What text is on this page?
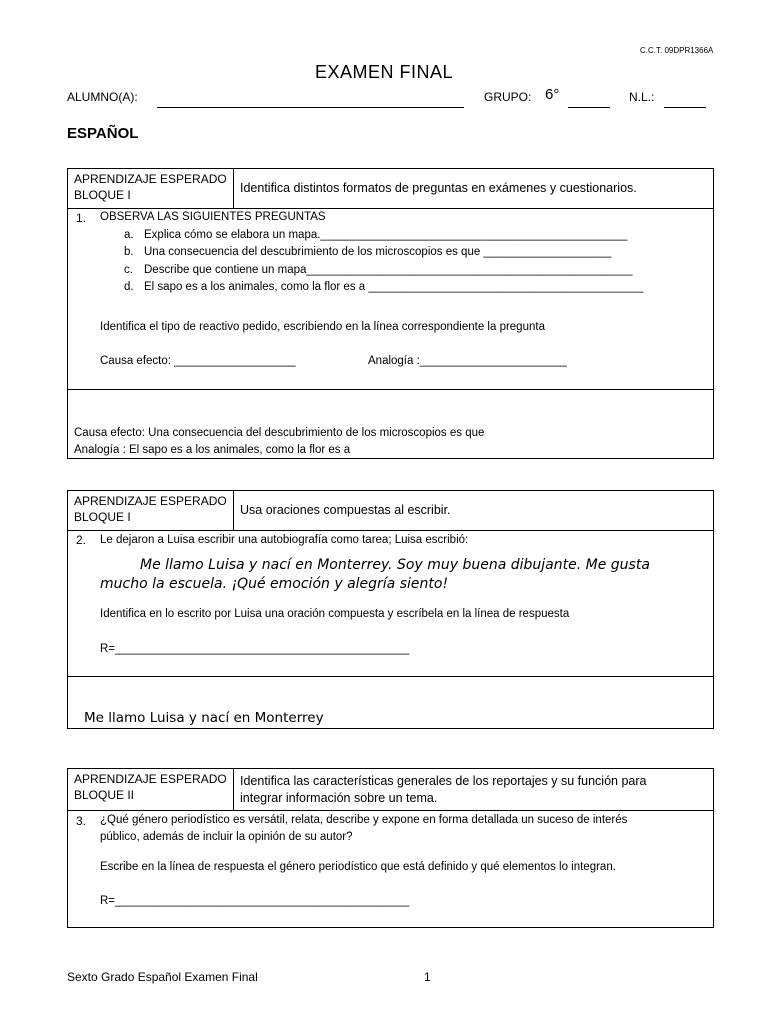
C.C.T. 09DPR1366A
EXAMEN FINAL
ALUMNO(A):	GRUPO: 6°	N.L.:
ESPAÑOL
APRENDIZAJE ESPERADO
BLOQUE I	Identifica distintos formatos de preguntas en exámenes y cuestionarios.
1. OBSERVA LAS SIGUIENTES PREGUNTAS
a. Explica cómo se elabora un mapa.________________________________________________
b. Una consecuencia del descubrimiento de los microscopios es que ____________________
c. Describe que contiene un mapa___________________________________________________
d. El sapo es a los animales, como la flor es a ___________________________________________
Identifica el tipo de reactivo pedido, escribiendo en la línea correspondiente la pregunta
Causa efecto: ___________________	Analogía :_______________________
Causa efecto: Una consecuencia del descubrimiento de los microscopios es que
Analogía : El sapo es a los animales, como la flor es a
APRENDIZAJE ESPERADO
BLOQUE I	Usa oraciones compuestas al escribir.
2. Le dejaron a Luisa escribir una autobiografía como tarea; Luisa escribió:
Me llamo Luisa y nací en Monterrey. Soy muy buena dibujante. Me gusta
mucho la escuela. ¡Qué emoción y alegría siento!
Identifica en lo escrito por Luisa una oración compuesta y escríbela en la línea de respuesta
R=______________________________________________
Me llamo Luisa y nací en Monterrey
APRENDIZAJE ESPERADO
BLOQUE II
Identifica las características generales de los reportajes y su función para
integrar información sobre un tema.
3. ¿Qué género periodístico es versátil, relata, describe y expone en forma detallada un suceso de interés
público, además de incluir la opinión de su autor?
Escribe en la línea de respuesta el género periodístico que está definido y qué elementos lo integran.
R=______________________________________________
Sexto Grado Español Examen Final	1
